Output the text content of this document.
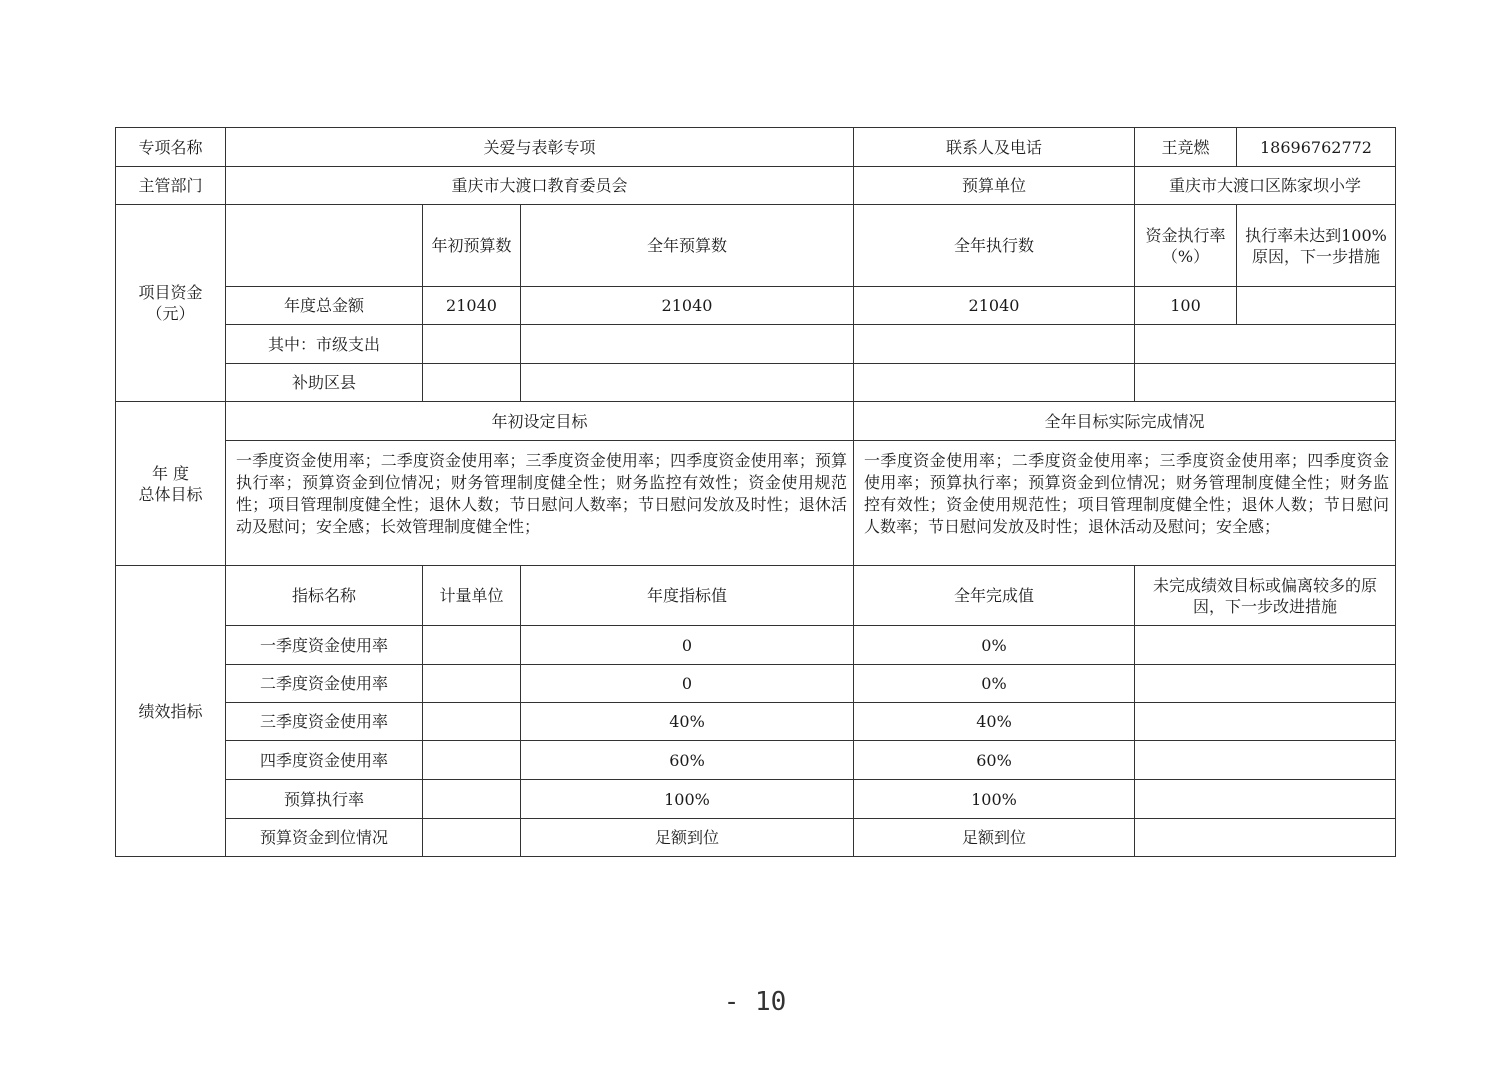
专项名称	关爱与表彰专项			联系人及电话	王竞燃	18696762772
主管部门	重庆市大渡口教育委员会			预算单位	重庆市大渡口区陈家坝小学	
项目资金（元）		年初预算数	全年预算数	全年执行数	资金执行率（%）	执行率未达到100% 原因，下一步措施
	年度总金额	21040	21040	21040	100	
	其中：市级支出					
	补助区县					

年 度
总体目标	年初设定目标			全年目标实际完成情况		
	一季度资金使用率；二季度资金使用率；三季度资金使用率；四季度资金使用率；预算执行率；预算资金到位情况；财务管理制度健全性；财务监控有效性；资金使用规范性；项目管理制度健全性；退休人数；节日慰问人数率；节日慰问发放及时性；退休活动及慰问；安全感；长效管理制度健全性；			一季度资金使用率；二季度资金使用率；三季度资金使用率；四季度资金使用率；预算执行率；预算资金到位情况；财务管理制度健全性；财务监控有效性；资金使用规范性；项目管理制度健全性；退休人数；节日慰问人数率；节日慰问发放及时性；退休活动及慰问；安全感；		
绩效指标	指标名称	计量单位	年度指标值	全年完成值	未完成绩效目标或偏离较多的原因，下一步改进措施	
	一季度资金使用率		0	0%		
	二季度资金使用率		0	0%		
	三季度资金使用率		40%	40%		
	四季度资金使用率		60%	60%		
	预算执行率		100%	100%		
	预算资金到位情况		足额到位	足额到位		
- 10
